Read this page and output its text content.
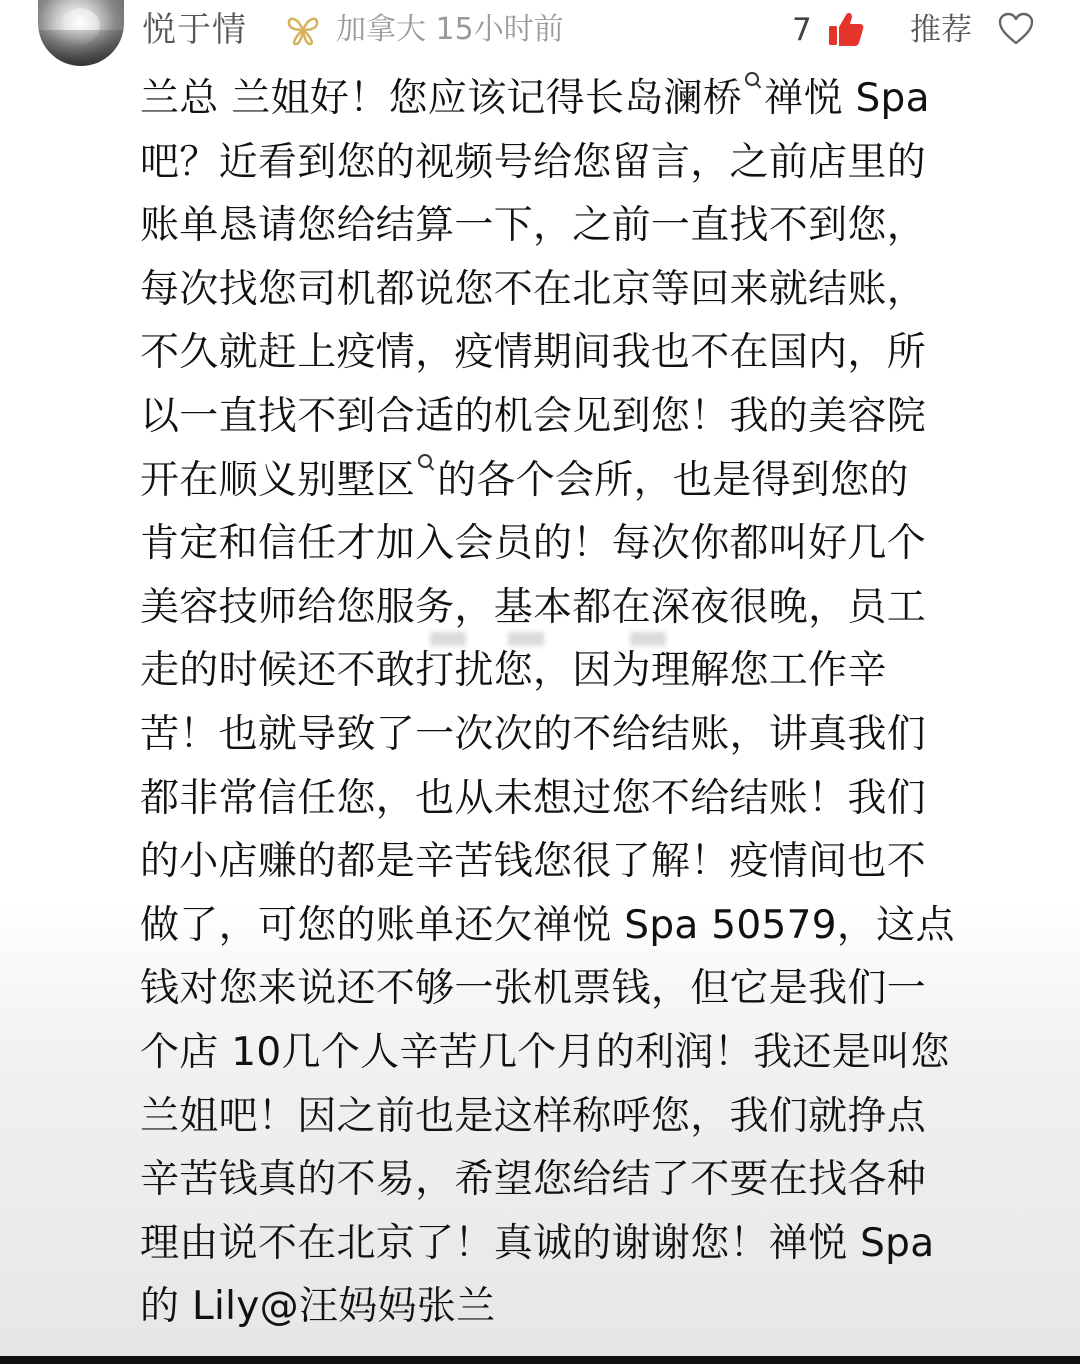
悦于情	加拿大 15小时前	7	推荐
兰总 兰姐好！您应该记得长岛澜桥 禅悦 Spa
吧？近看到您的视频号给您留言，之前店里的
账单恳请您给结算一下，之前一直找不到您，
每次找您司机都说您不在北京等回来就结账，
不久就赶上疫情，疫情期间我也不在国内，所
以一直找不到合适的机会见到您！我的美容院
开在顺义别墅区 的各个会所，也是得到您的
肯定和信任才加入会员的！每次你都叫好几个
美容技师给您服务，基本都在深夜很晚，员工
走的时候还不敢打扰您，因为理解您工作辛
苦！也就导致了一次次的不给结账，讲真我们
都非常信任您，也从未想过您不给结账！我们
的小店赚的都是辛苦钱您很了解！疫情间也不
做了，可您的账单还欠禅悦 Spa 50579，这点
钱对您来说还不够一张机票钱，但它是我们一
个店 10几个人辛苦几个月的利润！我还是叫您
兰姐吧！因之前也是这样称呼您，我们就挣点
辛苦钱真的不易，希望您给结了不要在找各种
理由说不在北京了！真诚的谢谢您！禅悦 Spa
的 Lily@汪妈妈张兰
